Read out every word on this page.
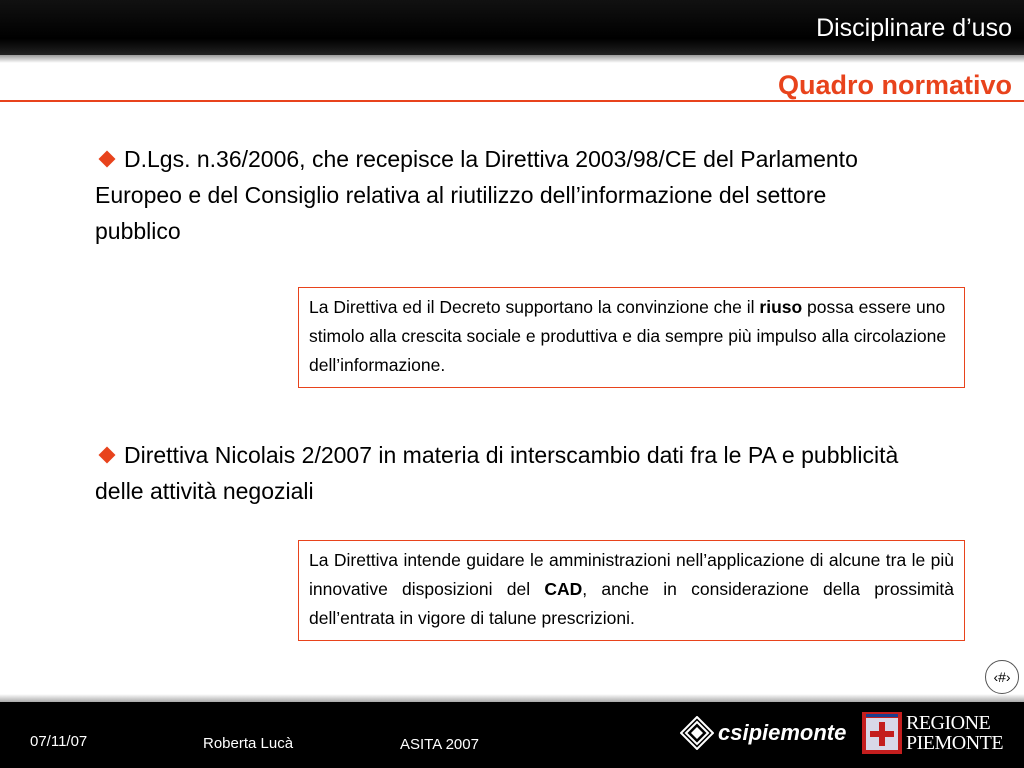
Disciplinare d’uso
Quadro normativo
D.Lgs. n.36/2006, che recepisce la Direttiva 2003/98/CE del Parlamento Europeo e del Consiglio relativa al riutilizzo dell’informazione del settore pubblico
La Direttiva ed il Decreto supportano la convinzione che il riuso possa essere uno stimolo alla crescita sociale e produttiva e dia sempre più impulso alla circolazione dell’informazione.
Direttiva Nicolais 2/2007 in materia di interscambio dati fra le PA e pubblicità delle attività negoziali
La Direttiva intende guidare le amministrazioni nell’applicazione di alcune tra le più innovative disposizioni del CAD, anche in considerazione della prossimità dell’entrata in vigore di talune prescrizioni.
‹#›
07/11/07	Roberta Lucà	ASITA 2007	csipiemonte	REGIONE
PIEMONTE
